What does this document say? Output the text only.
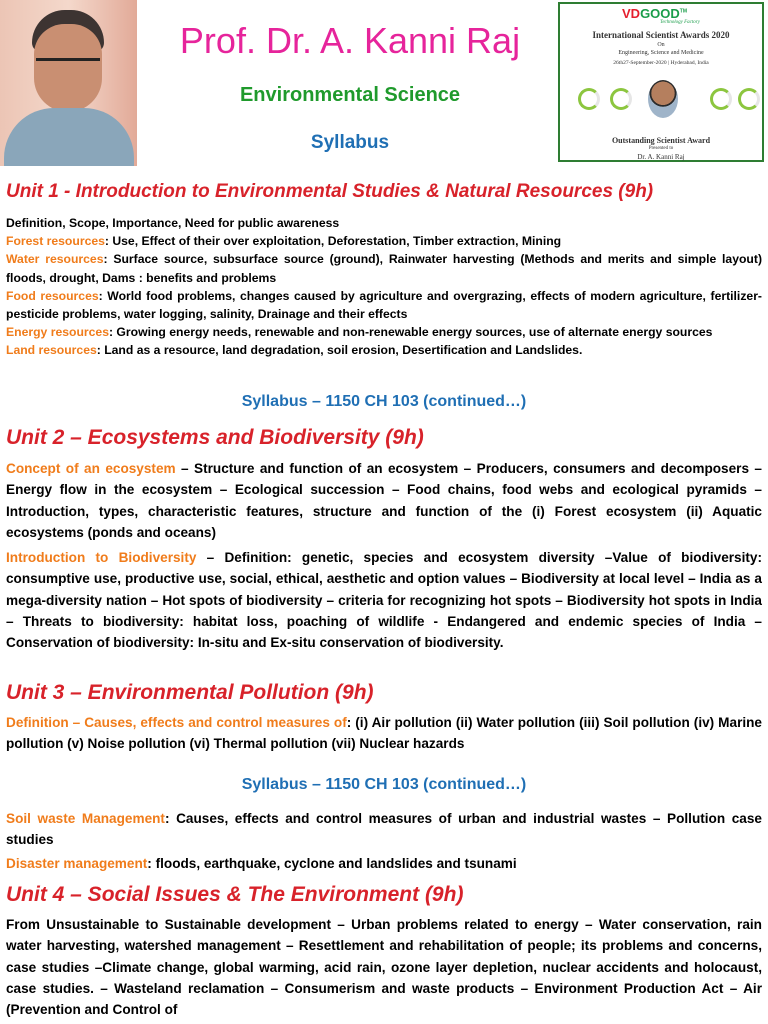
Prof. Dr. A. Kanni Raj
Environmental Science
Syllabus
VDGOOD™
Technology Factory
International Scientist Awards 2020
On
Engineering, Science and Medicine
26th27-September-2020 | Hyderabad, India
Outstanding Scientist Award
Presented to
Dr. A. Kanni Raj
Unit 1 - Introduction to Environmental Studies & Natural Resources (9h)
Definition, Scope, Importance, Need for public awareness
Forest resources: Use, Effect of their over exploitation, Deforestation, Timber extraction, Mining
Water resources: Surface source, subsurface source (ground), Rainwater harvesting (Methods and merits and simple layout) floods, drought, Dams : benefits and problems
Food resources: World food problems, changes caused by agriculture and overgrazing, effects of modern agriculture, fertilizer-pesticide problems, water logging, salinity, Drainage and their effects
Energy resources: Growing energy needs, renewable and non-renewable energy sources, use of alternate energy sources
Land resources: Land as a resource, land degradation, soil erosion, Desertification and Landslides.
Syllabus – 1150 CH 103 (continued…)
Unit 2 – Ecosystems and Biodiversity (9h)
Concept of an ecosystem – Structure and function of an ecosystem – Producers, consumers and decomposers – Energy flow in the ecosystem – Ecological succession – Food chains, food webs and ecological pyramids – Introduction, types, characteristic features, structure and function of the (i) Forest ecosystem (ii) Aquatic ecosystems (ponds and oceans)
Introduction to Biodiversity – Definition: genetic, species and ecosystem diversity –Value of biodiversity: consumptive use, productive use, social, ethical, aesthetic and option values – Biodiversity at local level – India as a mega-diversity nation – Hot spots of biodiversity – criteria for recognizing hot spots – Biodiversity hot spots in India – Threats to biodiversity: habitat loss, poaching of wildlife - Endangered and endemic species of India – Conservation of biodiversity: In-situ and Ex-situ conservation of biodiversity.
Unit 3 – Environmental Pollution (9h)
Definition – Causes, effects and control measures of: (i) Air pollution (ii) Water pollution (iii) Soil pollution (iv) Marine pollution (v) Noise pollution (vi) Thermal pollution (vii) Nuclear hazards
Syllabus – 1150 CH 103 (continued…)
Soil waste Management: Causes, effects and control measures of urban and industrial wastes – Pollution case studies
Disaster management: floods, earthquake, cyclone and landslides and tsunami
Unit 4 – Social Issues & The Environment (9h)
From Unsustainable to Sustainable development – Urban problems related to energy – Water conservation, rain water harvesting, watershed management – Resettlement and rehabilitation of people; its problems and concerns, case studies –Climate change, global warming, acid rain, ozone layer depletion, nuclear accidents and holocaust, case studies. – Wasteland reclamation – Consumerism and waste products – Environment Production Act – Air (Prevention and Control of
